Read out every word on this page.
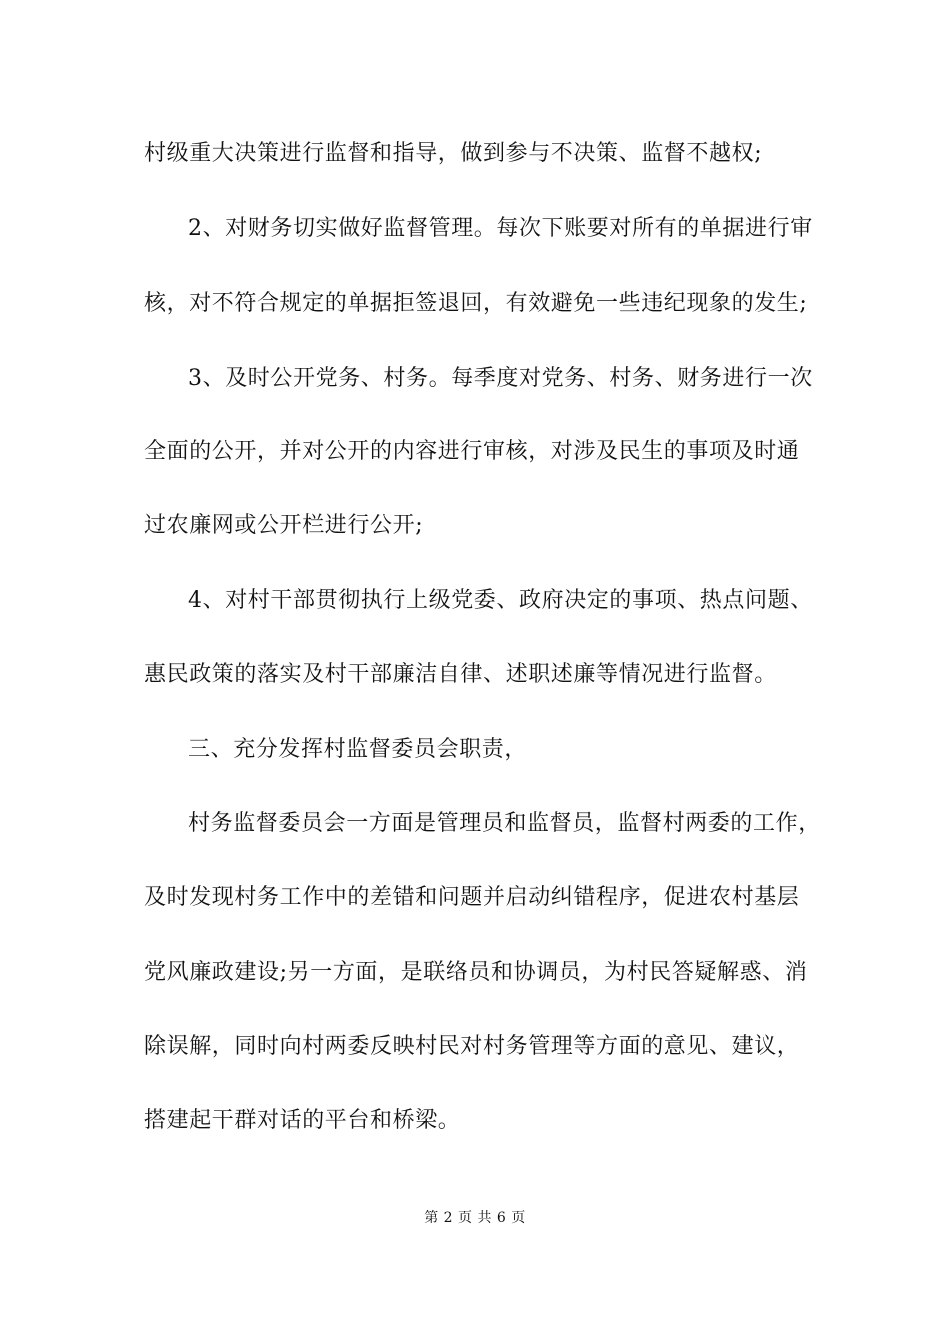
村级重大决策进行监督和指导，做到参与不决策、监督不越权;
2、对财务切实做好监督管理。每次下账要对所有的单据进行审
核，对不符合规定的单据拒签退回，有效避免一些违纪现象的发生;
3、及时公开党务、村务。每季度对党务、村务、财务进行一次
全面的公开，并对公开的内容进行审核，对涉及民生的事项及时通
过农廉网或公开栏进行公开;
4、对村干部贯彻执行上级党委、政府决定的事项、热点问题、
惠民政策的落实及村干部廉洁自律、述职述廉等情况进行监督。
三、充分发挥村监督委员会职责，
村务监督委员会一方面是管理员和监督员，监督村两委的工作，
及时发现村务工作中的差错和问题并启动纠错程序，促进农村基层
党风廉政建设;另一方面，是联络员和协调员，为村民答疑解惑、消
除误解，同时向村两委反映村民对村务管理等方面的意见、建议，
搭建起干群对话的平台和桥梁。
第 2 页 共 6 页
